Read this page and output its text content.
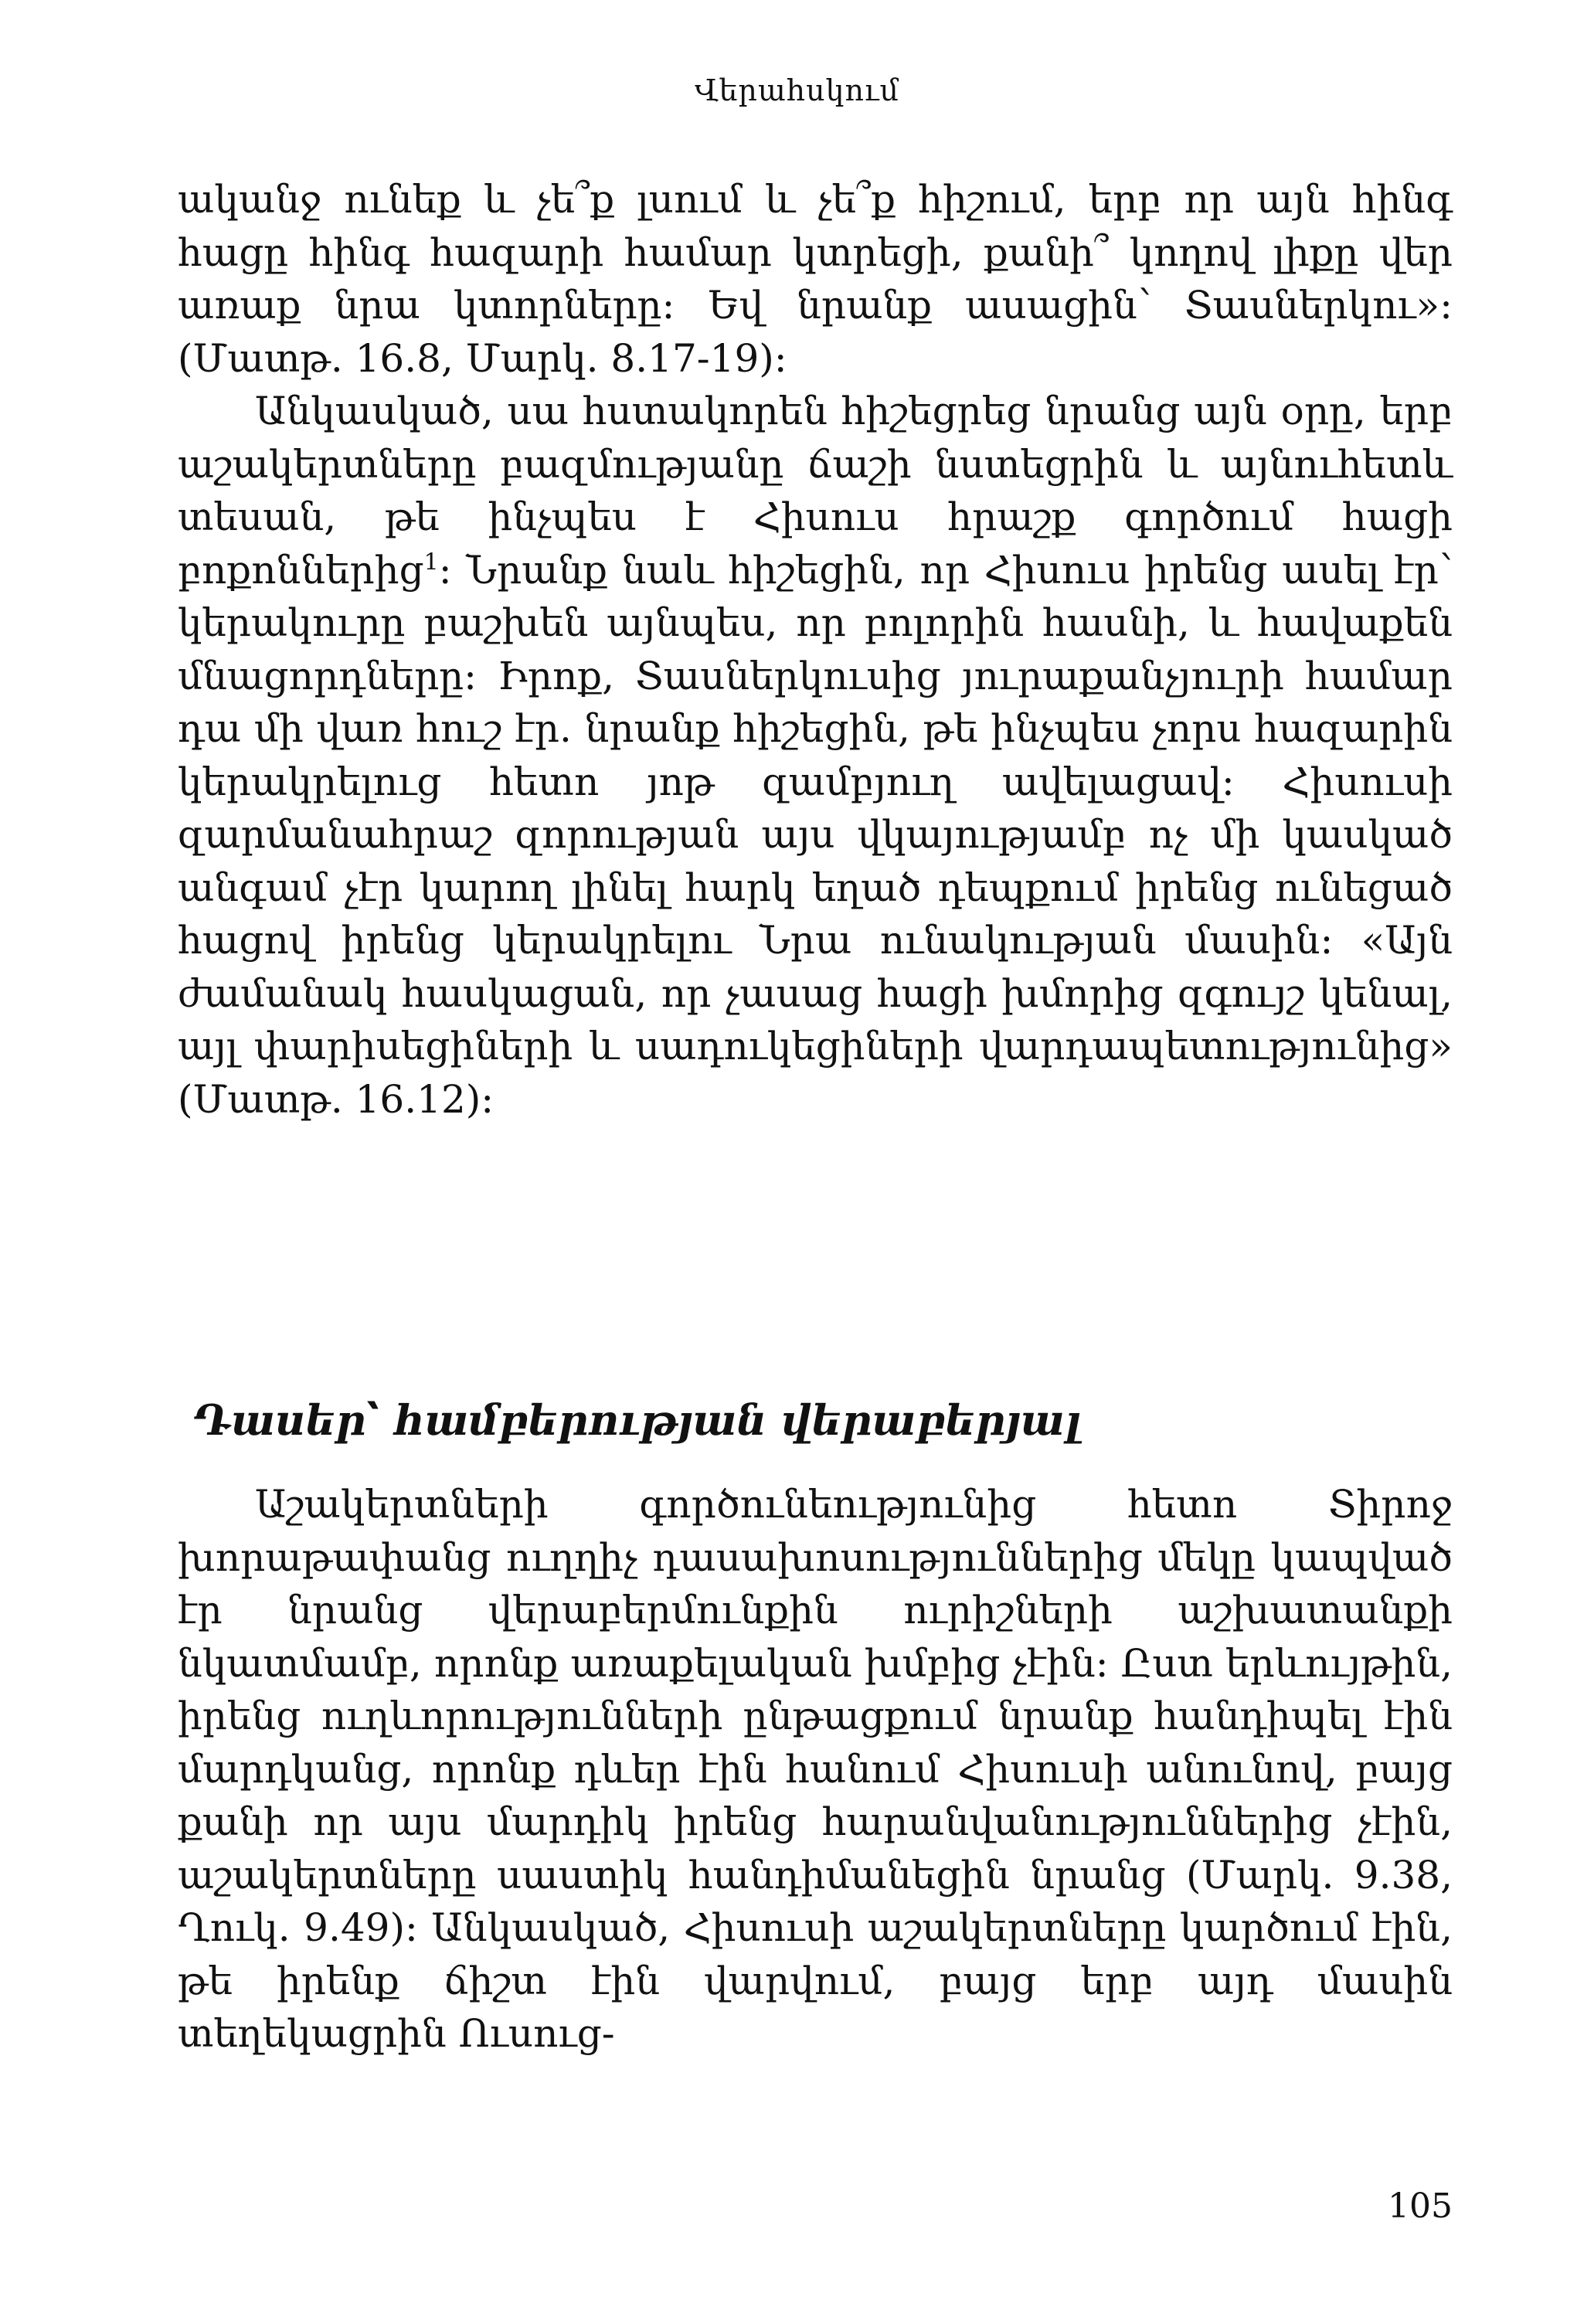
Վերահսկում

ականջ ունեք և չե՞ք լսում և չե՞ք հիշում, երբ որ այն հինգ հացը հինգ հազարի համար կտրեցի, քանի՞ կողով լիքը վեր առաք նրա կտորները: Եվ նրանք ասացին՝ Տասներկու»: (Մատթ. 16.8, Մարկ. 8.17-19):

Անկասկած, սա հստակորեն հիշեցրեց նրանց այն օրը, երբ աշակերտները բազմությանը ճաշի նստեցրին և այնուհետև տեսան, թե ինչպես է Հիսուս հրաշք գործում հացի բոքոններից$^1$: Նրանք նաև հիշեցին, որ Հիսուս իրենց ասել էր՝ կերակուրը բաշխեն այնպես, որ բոլորին հասնի, և հավաքեն մնացորդները: Իրոք, Տասներկուսից յուրաքանչյուրի համար դա մի վառ հուշ էր. նրանք հիշեցին, թե ինչպես չորս հազարին կերակրելուց հետո յոթ զամբյուղ ավելացավ: Հիսուսի զարմանահրաշ զորության այս վկայությամբ ոչ մի կասկած անգամ չէր կարող լինել հարկ եղած դեպքում իրենց ունեցած հացով իրենց կերակրելու Նրա ունակության մասին: «Այն ժամանակ հասկացան, որ չասաց հացի խմորից զգույշ կենալ, այլ փարիսեցիների և սադուկեցիների վարդապետությունից» (Մատթ. 16.12):

Դասեր՝ համբերության վերաբերյալ

Աշակերտների գործունեությունից հետո Տիրոջ խորաթափանց ուղղիչ դասախոսություններից մեկը կապված էր նրանց վերաբերմունքին ուրիշների աշխատանքի նկատմամբ, որոնք առաքելական խմբից չէին: Ըստ երևույթին, իրենց ուղևորությունների ընթացքում նրանք հանդիպել էին մարդկանց, որոնք դևեր էին հանում Հիսուսի անունով, բայց քանի որ այս մարդիկ իրենց հարանվանություններից չէին, աշակերտները սաստիկ հանդիմանեցին նրանց (Մարկ. 9.38, Ղուկ. 9.49): Անկասկած, Հիսուսի աշակերտները կարծում էին, թե իրենք ճիշտ էին վարվում, բայց երբ այդ մասին տեղեկացրին Ուսուց-

105
